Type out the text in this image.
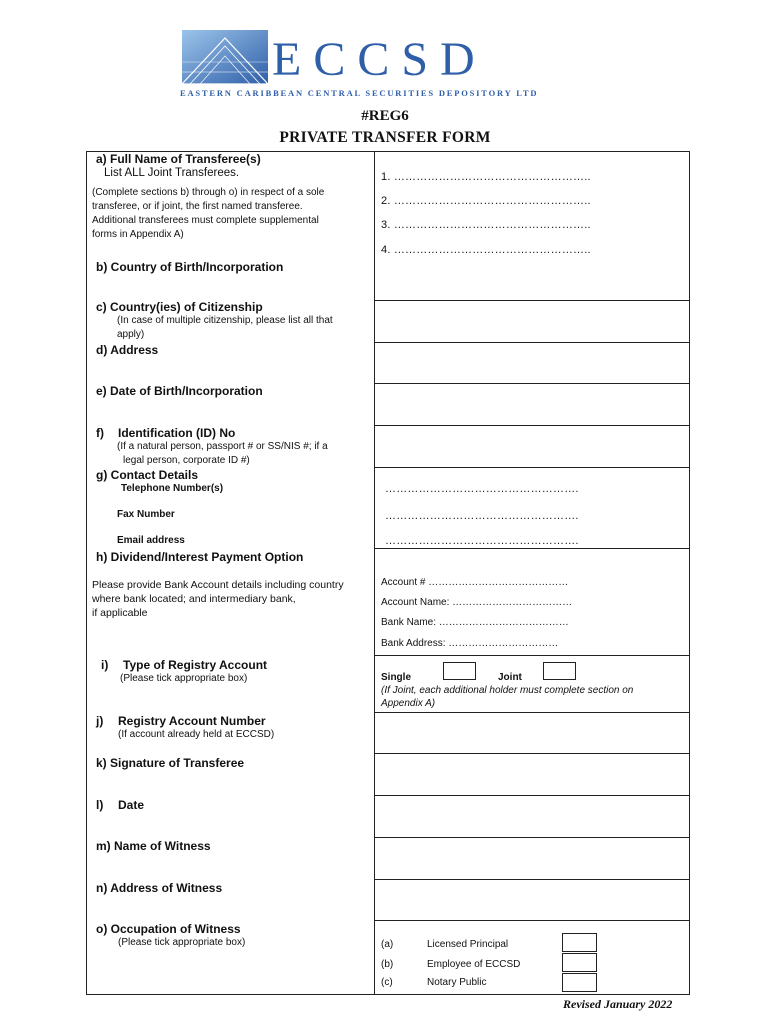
ECCSD
EASTERN CARIBBEAN CENTRAL SECURITIES DEPOSITORY LTD
#REG6
PRIVATE TRANSFER FORM
a) Full Name of Transferee(s)
List ALL Joint Transferees.
(Complete sections b) through o) in respect of a sole
transferee, or if joint, the first named transferee.
Additional transferees must complete supplemental
forms in Appendix A)
1. ……………………………………………..
2. ……………………………………………..
3. ……………………………………………..
4. ……………………………………………..
b) Country of Birth/Incorporation
c) Country(ies) of Citizenship
(In case of multiple citizenship, please list all that
apply)
d) Address
e) Date of Birth/Incorporation
f) Identification (ID) No
(If a natural person, passport # or SS/NIS #; if a
legal person, corporate ID #)
g) Contact Details
Telephone Number(s)	…………………………………………….
Fax Number	…………………………………………….
Email address	…………………………………………….
h) Dividend/Interest Payment Option
Please provide Bank Account details including country
where bank located; and intermediary bank,
if applicable
Account # ……………………………………
Account Name: ………………………………
Bank Name: …………………………………
Bank Address: ……………………………
i) Type of Registry Account
(Please tick appropriate box)	Single	Joint
(If Joint, each additional holder must complete section on
Appendix A)
j) Registry Account Number
(If account already held at ECCSD)
k) Signature of Transferee
l) Date
m) Name of Witness
n) Address of Witness
o) Occupation of Witness
(Please tick appropriate box)	(a)	Licensed Principal
(b)	Employee of ECCSD
(c)	Notary Public
Revised January 2022
